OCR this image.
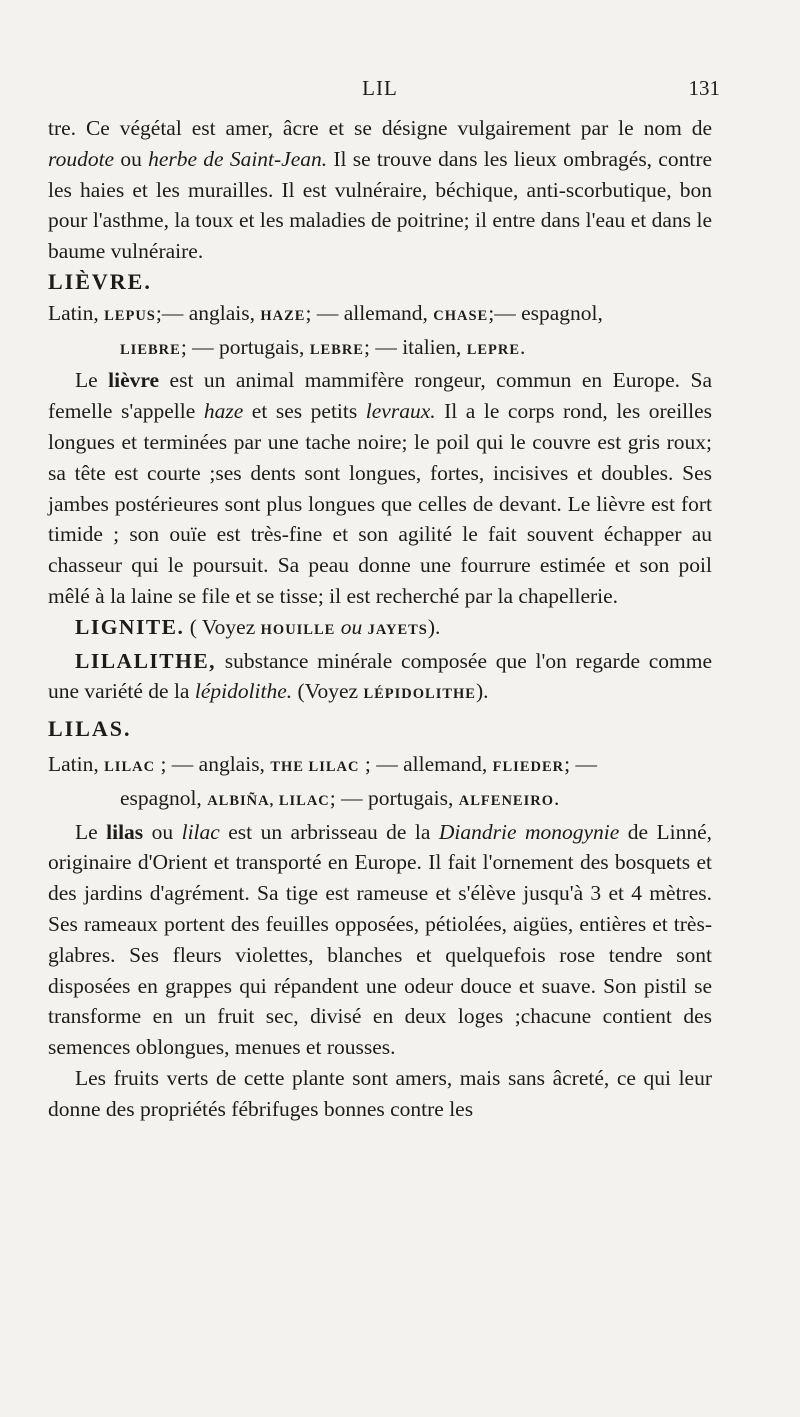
LIL	131

tre. Ce végétal est amer, âcre et se désigne vulgairement par le nom de roudote ou herbe de Saint-Jean. Il se trouve dans les lieux ombragés, contre les haies et les murailles. Il est vulnéraire, béchique, anti-scorbutique, bon pour l'asthme, la toux et les maladies de poitrine; il entre dans l'eau et dans le baume vulnéraire.

LIÈVRE.

Latin, LEPUS;— anglais, HAZE; — allemand, CHASE;— espagnol,
LIEBRE; — portugais, LEBRE; — italien, LEPRE.

Le lièvre est un animal mammifère rongeur, commun en Europe. Sa femelle s'appelle haze et ses petits levraux. Il a le corps rond, les oreilles longues et terminées par une tache noire; le poil qui le couvre est gris roux; sa tête est courte ;ses dents sont longues, fortes, incisives et doubles. Ses jambes postérieures sont plus longues que celles de devant. Le lièvre est fort timide ; son ouïe est très-fine et son agilité le fait souvent échapper au chasseur qui le poursuit. Sa peau donne une fourrure estimée et son poil mêlé à la laine se file et se tisse; il est recherché par la chapellerie.

LIGNITE. ( Voyez HOUILLE ou JAYETS).

LILALITHE, substance minérale composée que l'on regarde comme une variété de la lépidolithe. (Voyez LÉPIDOLITHE).

LILAS.

Latin, LILAC ; — anglais, THE LILAC ; — allemand, FLIEDER; —
espagnol, ALBIÑA, LILAC; — portugais, ALFENEIRO.

Le lilas ou lilac est un arbrisseau de la Diandrie monogynie de Linné, originaire d'Orient et transporté en Europe. Il fait l'ornement des bosquets et des jardins d'agrément. Sa tige est rameuse et s'élève jusqu'à 3 et 4 mètres. Ses rameaux portent des feuilles opposées, pétiolées, aigües, entières et très-glabres. Ses fleurs violettes, blanches et quelquefois rose tendre sont disposées en grappes qui répandent une odeur douce et suave. Son pistil se transforme en un fruit sec, divisé en deux loges ;chacune contient des semences oblongues, menues et rousses.

Les fruits verts de cette plante sont amers, mais sans âcreté, ce qui leur donne des propriétés fébrifuges bonnes contre les
